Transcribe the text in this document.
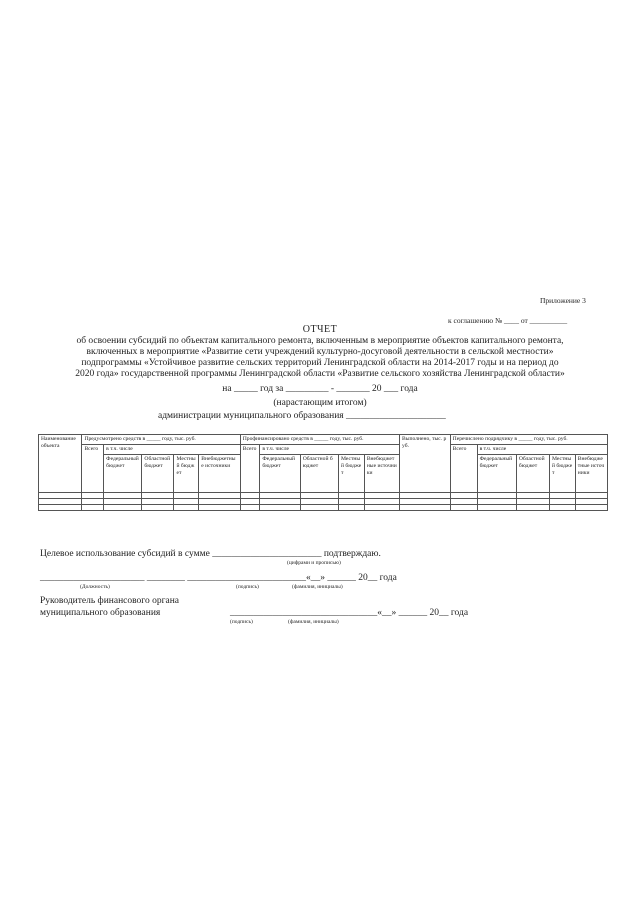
Приложение 3
к соглашению № ____ от __________
ОТЧЕТ
об освоении субсидий по объектам капитального ремонта, включенным в мероприятие объектов капитального ремонта,
включенных в мероприятие «Развитие сети учреждений культурно-досуговой деятельности в сельской местности»
подпрограммы «Устойчивое развитие сельских территорий Ленинградской области на 2014-2017 годы и на период до
2020 года» государственной программы Ленинградской области «Развитие сельского хозяйства Ленинградской области»
на _____ год за _________ - _______ 20 ___ года
(нарастающим итогом)
администрации муниципального образования _____________________
Наименование объекта	Предусмотрено средств в _____ году, тыс. руб.					Профинансировано средств в _____ году, тыс. руб.					Выполнено, тыс. руб.	Перечислено подрядчику в _____ году, тыс. руб.				
	Всего	в т.ч. числе				Всего	в т.ч. числе					Всего	в т.ч. числе			
		Федеральный бюджет	Областной бюджет	Местный бюджет	Внебюджетные источники		Федеральный бюджет	Областной бюджет	Местный бюджет	Внебюджетные источники			Федеральный бюджет	Областной бюджет	Местный бюджет	Внебюджетные источники

Целевое использование субсидий в сумме _______________________ подтверждаю.
(цифрами и прописью)
______________________ ________ _________________________«__» ______ 20__ года
(Должность)	(подпись)	(фамилия, инициалы)
Руководитель финансового органа
муниципального образования	_______________________________«__» ______ 20__ года
(подпись)	(фамилия, инициалы)
